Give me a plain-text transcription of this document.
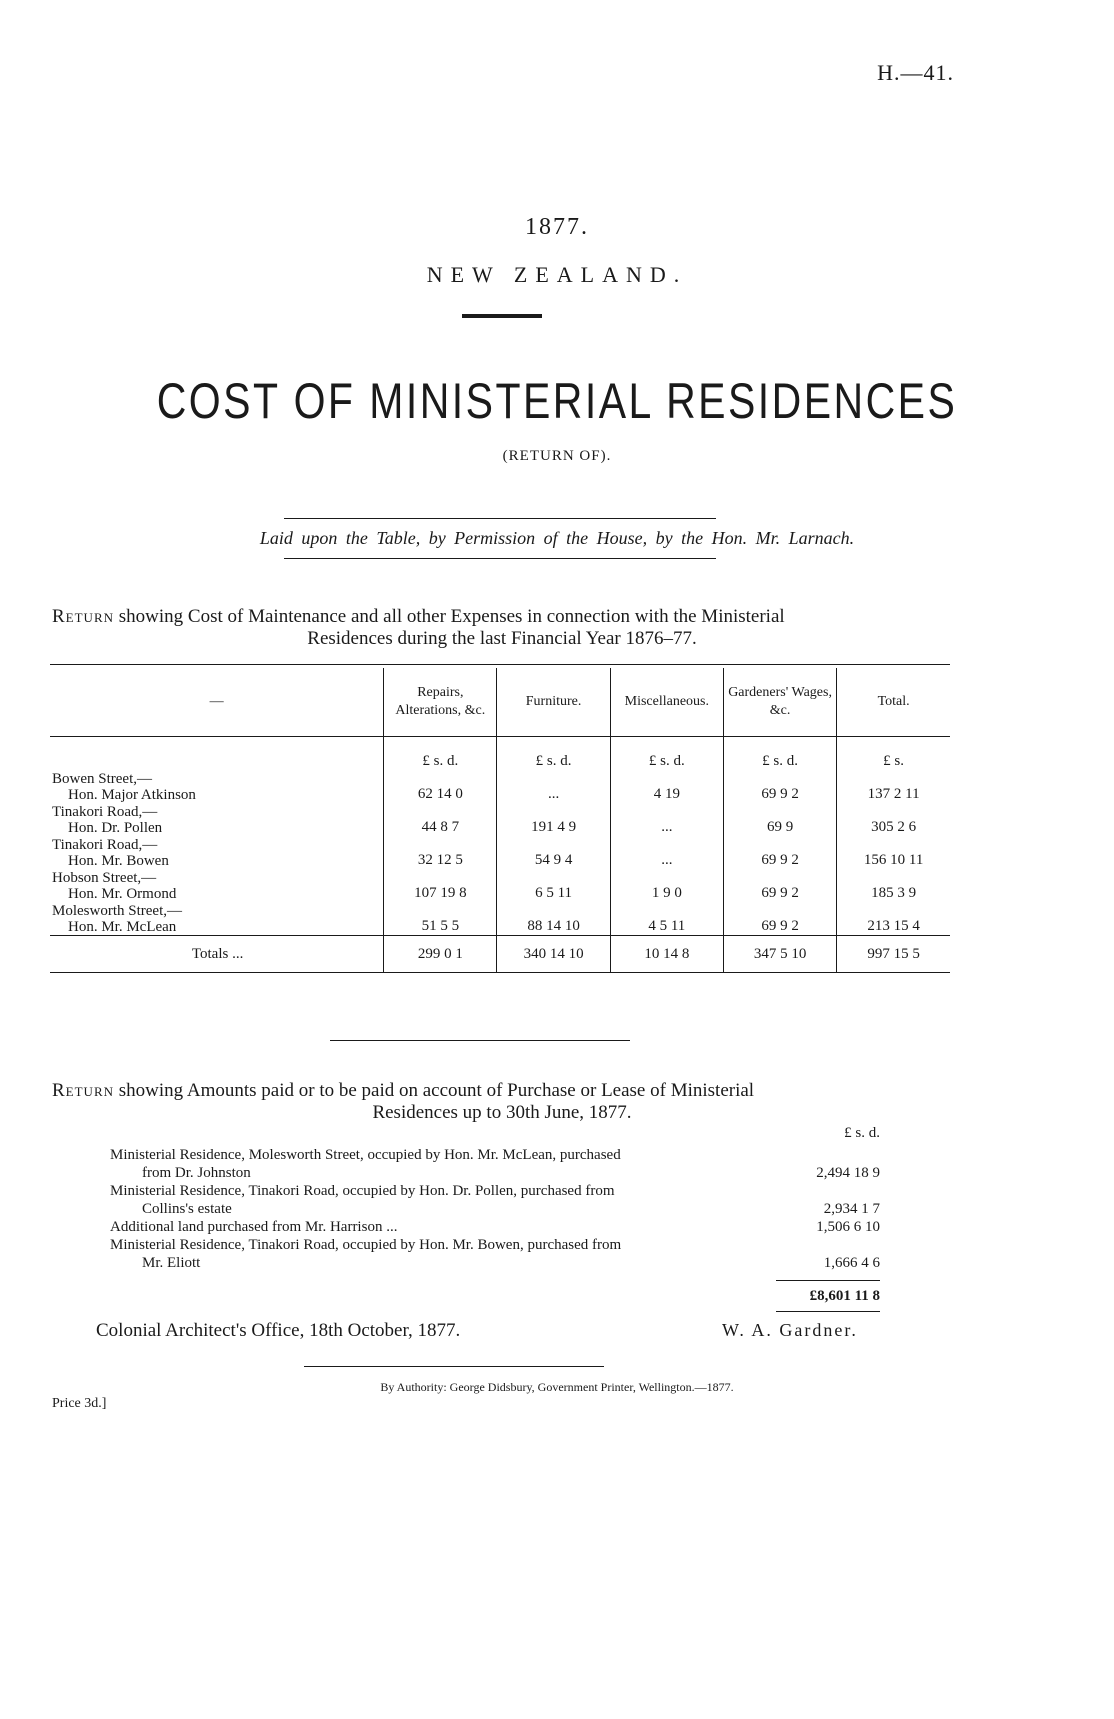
H.—41.
1877.
NEW ZEALAND.
COST OF MINISTERIAL RESIDENCES
(RETURN OF).
Laid upon the Table, by Permission of the House, by the Hon. Mr. Larnach.
Return showing Cost of Maintenance and all other Expenses in connection with the Ministerial
Residences during the last Financial Year 1876–77.
—	Repairs, Alterations, &c.	Furniture.	Miscellaneous.	Gardeners' Wages, &c.	Total.
	£ s. d.	£ s. d.	£ s. d.	£ s. d.	£ s.

Bowen Street,—
Hon. Major Atkinson	62 14 0	...	4 19	69 9 2	137 2 11

Tinakori Road,—
Hon. Dr. Pollen	44 8 7	191 4 9	...	69 9	305 2 6

Tinakori Road,—
Hon. Mr. Bowen	32 12 5	54 9 4	...	69 9 2	156 10 11

Hobson Street,—
Hon. Mr. Ormond	107 19 8	6 5 11	1 9 0	69 9 2	185 3 9

Molesworth Street,—
Hon. Mr. McLean	51 5 5	88 14 10	4 5 11	69 9 2	213 15 4
Totals ...	299 0 1	340 14 10	10 14 8	347 5 10	997 15 5
Return showing Amounts paid or to be paid on account of Purchase or Lease of Ministerial
Residences up to 30th June, 1877.
£ s. d.
Ministerial Residence, Molesworth Street, occupied by Hon. Mr. McLean, purchased
from Dr. Johnston	2,494 18 9
Ministerial Residence, Tinakori Road, occupied by Hon. Dr. Pollen, purchased from
Collins's estate	2,934 1 7
Additional land purchased from Mr. Harrison ...	1,506 6 10
Ministerial Residence, Tinakori Road, occupied by Hon. Mr. Bowen, purchased from
Mr. Eliott	1,666 4 6
£8,601 11 8
Colonial Architect's Office, 18th October, 1877.	W. A. Gardner.
By Authority: George Didsbury, Government Printer, Wellington.—1877.
Price 3d.]
